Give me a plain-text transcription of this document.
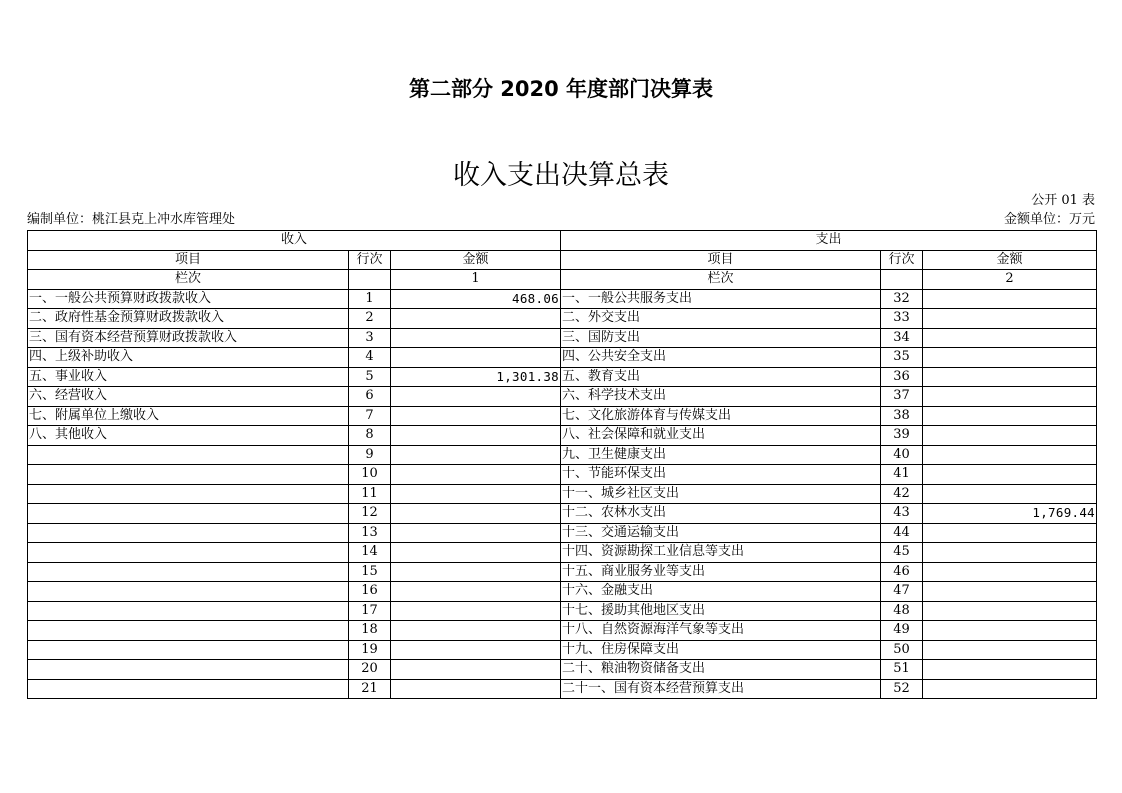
第二部分 2020 年度部门决算表
收入支出决算总表
公开 01 表
编制单位：桃江县克上冲水库管理处	金额单位：万元
收入			支出		
项目	行次	金额	项目	行次	金额
栏次		1	栏次		2
一、一般公共预算财政拨款收入	1	468.06	一、一般公共服务支出	32	
二、政府性基金预算财政拨款收入	2		二、外交支出	33	
三、国有资本经营预算财政拨款收入	3		三、国防支出	34	
四、上级补助收入	4		四、公共安全支出	35	
五、事业收入	5	1,301.38	五、教育支出	36	
六、经营收入	6		六、科学技术支出	37	
七、附属单位上缴收入	7		七、文化旅游体育与传媒支出	38	
八、其他收入	8		八、社会保障和就业支出	39	
	9		九、卫生健康支出	40	
	10		十、节能环保支出	41	
	11		十一、城乡社区支出	42	
	12		十二、农林水支出	43	1,769.44
	13		十三、交通运输支出	44	
	14		十四、资源勘探工业信息等支出	45	
	15		十五、商业服务业等支出	46	
	16		十六、金融支出	47	
	17		十七、援助其他地区支出	48	
	18		十八、自然资源海洋气象等支出	49	
	19		十九、住房保障支出	50	
	20		二十、粮油物资储备支出	51	
	21		二十一、国有资本经营预算支出	52	
